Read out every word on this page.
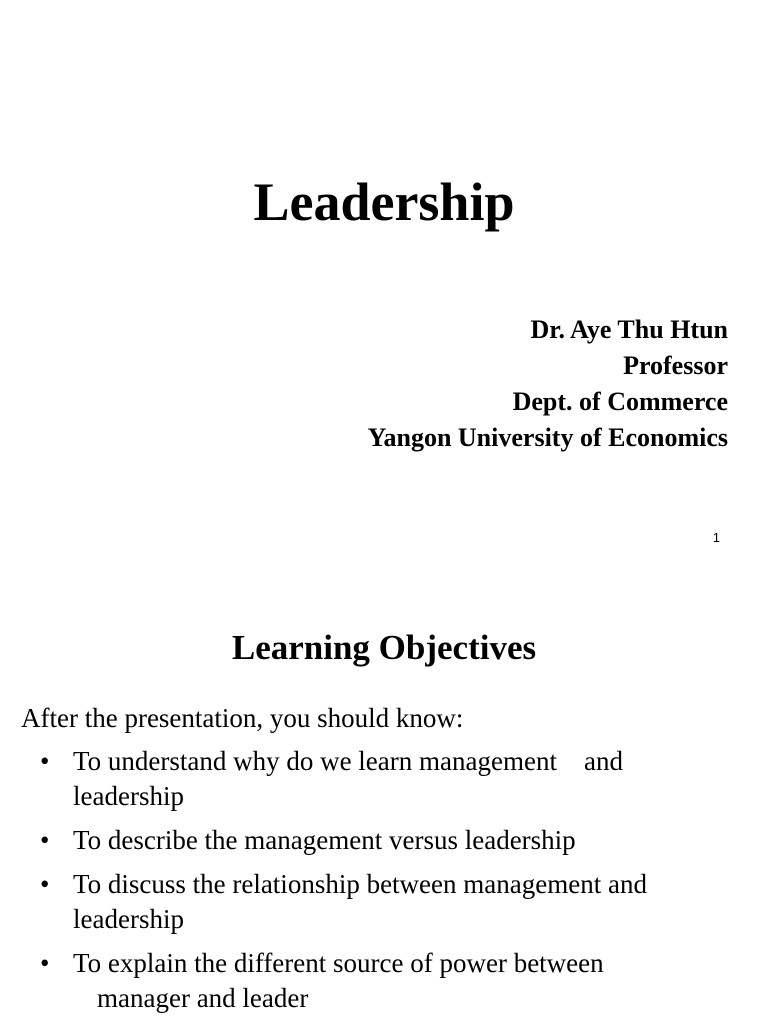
Leadership
Dr. Aye Thu Htun
Professor
Dept. of Commerce
Yangon University of Economics
1
Learning Objectives
After the presentation, you should know:
• To understand why do we learn management    and
leadership
• To describe the management versus leadership
• To discuss the relationship between management and
leadership
• To explain the different source of power between
manager and leader
